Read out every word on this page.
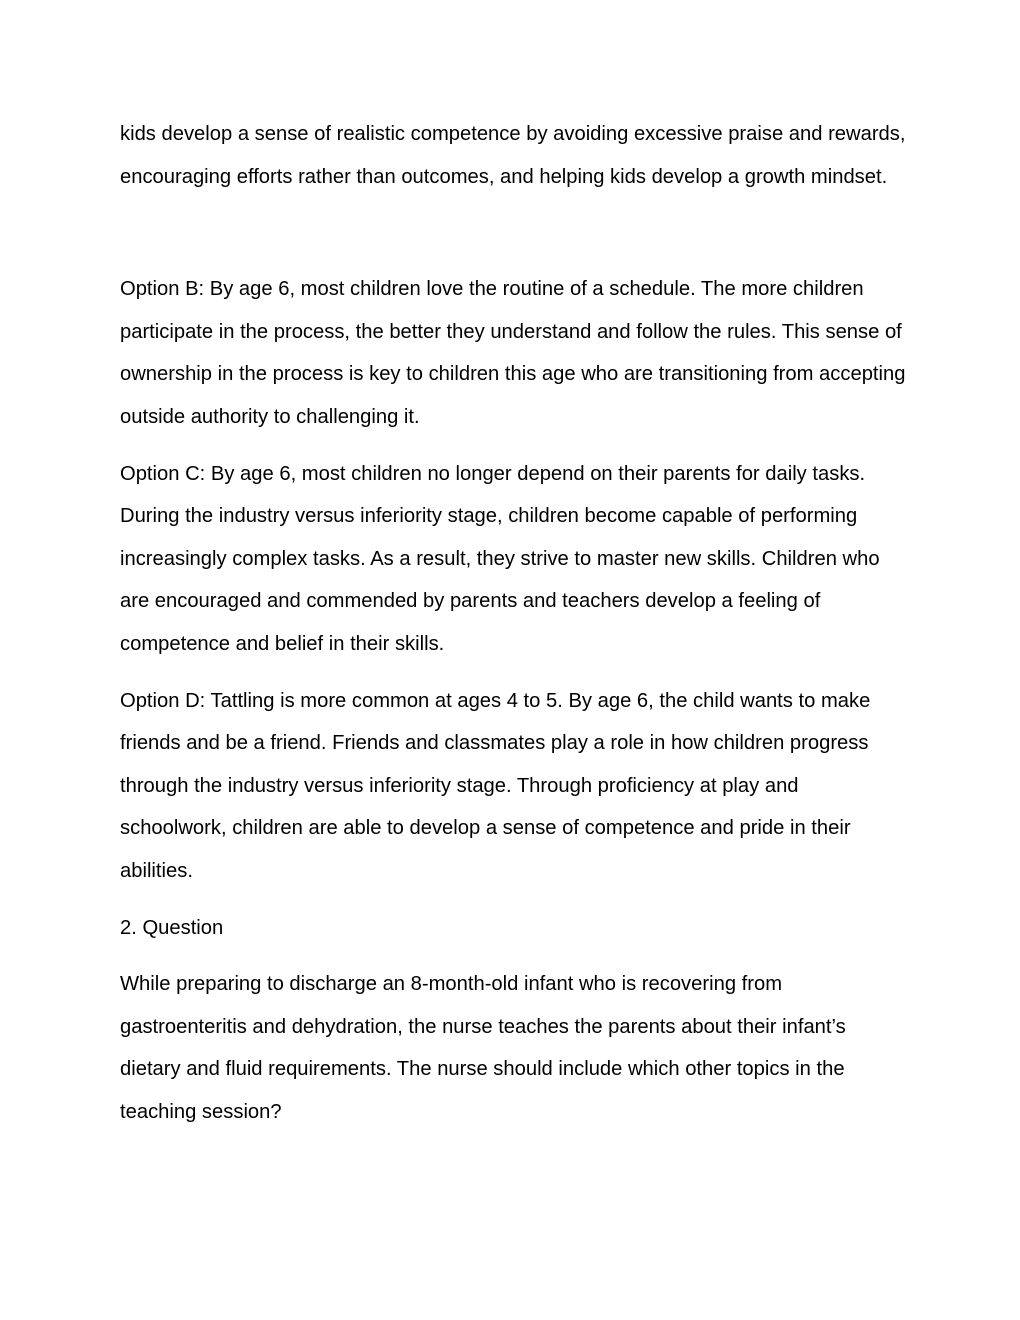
kids develop a sense of realistic competence by avoiding excessive praise and rewards, encouraging efforts rather than outcomes, and helping kids develop a growth mindset.

Option B: By age 6, most children love the routine of a schedule. The more children participate in the process, the better they understand and follow the rules. This sense of ownership in the process is key to children this age who are transitioning from accepting outside authority to challenging it.

Option C: By age 6, most children no longer depend on their parents for daily tasks. During the industry versus inferiority stage, children become capable of performing increasingly complex tasks. As a result, they strive to master new skills. Children who are encouraged and commended by parents and teachers develop a feeling of competence and belief in their skills.

Option D: Tattling is more common at ages 4 to 5. By age 6, the child wants to make friends and be a friend. Friends and classmates play a role in how children progress through the industry versus inferiority stage. Through proficiency at play and schoolwork, children are able to develop a sense of competence and pride in their abilities.

2. Question

While preparing to discharge an 8-month-old infant who is recovering from gastroenteritis and dehydration, the nurse teaches the parents about their infant’s dietary and fluid requirements. The nurse should include which other topics in the teaching session?
